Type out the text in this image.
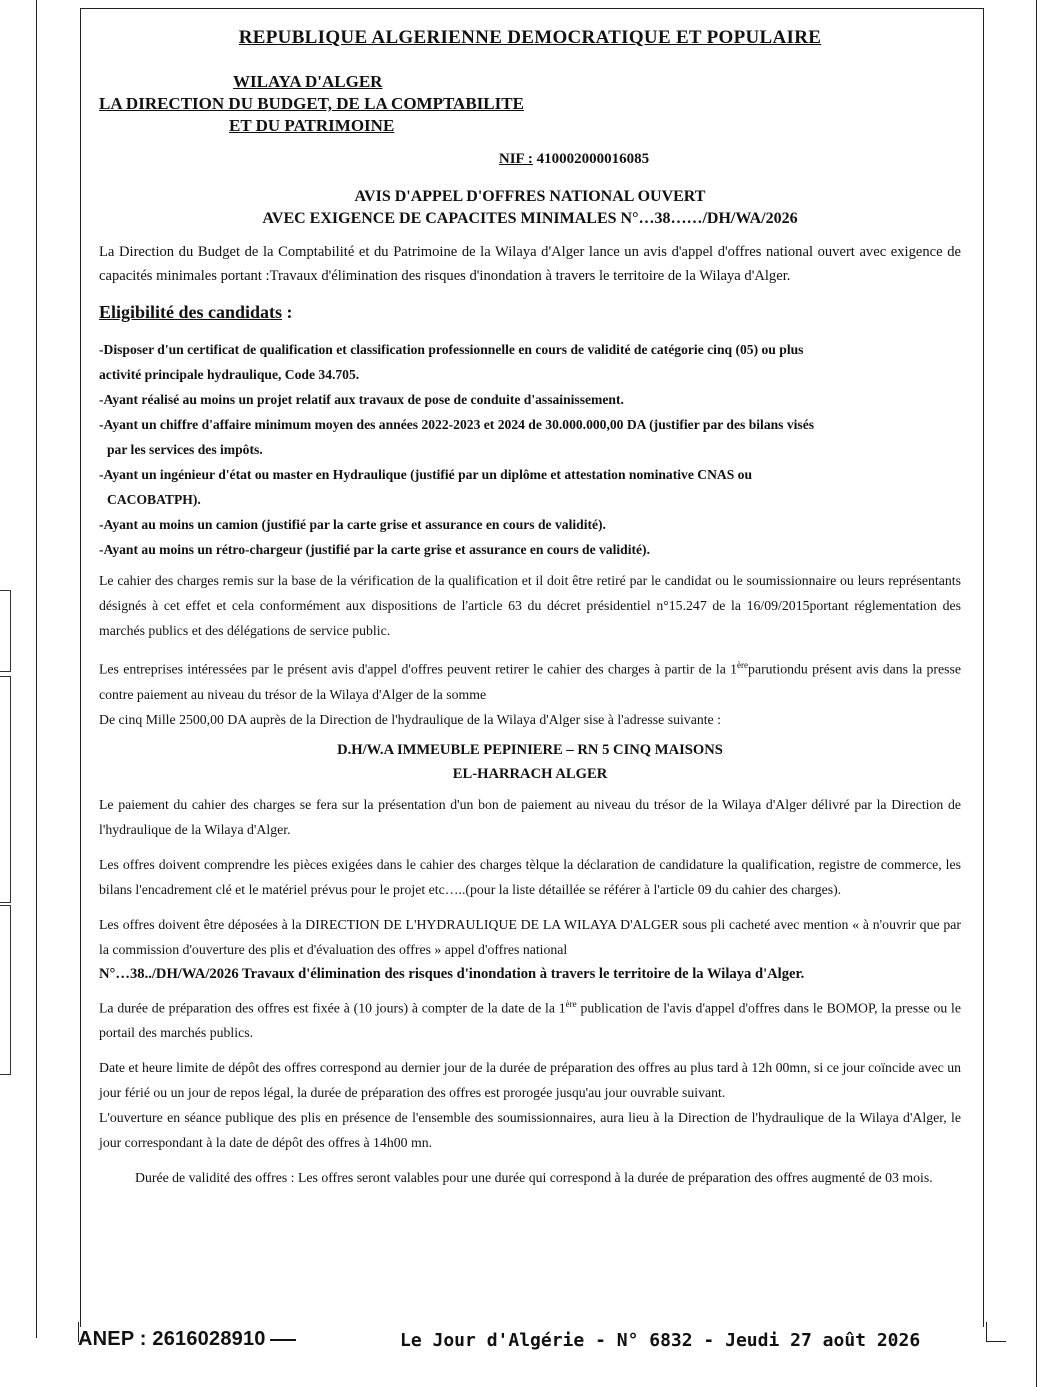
REPUBLIQUE ALGERIENNE DEMOCRATIQUE ET POPULAIRE
WILAYA D'ALGER
LA DIRECTION DU BUDGET, DE LA COMPTABILITE
ET DU PATRIMOINE
NIF : 410002000016085
AVIS D'APPEL D'OFFRES NATIONAL OUVERT
AVEC EXIGENCE DE CAPACITES MINIMALES N°…38……/DH/WA/2026

La Direction du Budget de la Comptabilité et du Patrimoine de la Wilaya d'Alger lance un avis d'appel d'offres national ouvert avec exigence de capacités minimales portant :Travaux d'élimination des risques d'inondation à travers le territoire de la Wilaya d'Alger.

Eligibilité des candidats :
-Disposer d'un certificat de qualification et classification professionnelle en cours de validité de catégorie cinq (05) ou plus
activité principale hydraulique, Code 34.705.
-Ayant réalisé au moins un projet relatif aux travaux de pose de conduite d'assainissement.
-Ayant un chiffre d'affaire minimum moyen des années 2022-2023 et 2024 de 30.000.000,00 DA (justifier par des bilans visés
par les services des impôts.
-Ayant un ingénieur d'état ou master en Hydraulique (justifié par un diplôme et attestation nominative CNAS ou
CACOBATPH).
-Ayant au moins un camion (justifié par la carte grise et assurance en cours de validité).
-Ayant au moins un rétro-chargeur (justifié par la carte grise et assurance en cours de validité).

Le cahier des charges remis sur la base de la vérification de la qualification et il doit être retiré par le candidat ou le soumissionnaire ou leurs représentants désignés à cet effet et cela conformément aux dispositions de l'article 63 du décret présidentiel n°15.247 de la 16/09/2015portant réglementation des marchés publics et des délégations de service public.

Les entreprises intéressées par le présent avis d'appel d'offres peuvent retirer le cahier des charges à partir de la 1èreparutiondu présent avis dans la presse contre paiement au niveau du trésor de la Wilaya d'Alger de la somme

De cinq Mille 2500,00 DA auprès de la Direction de l'hydraulique de la Wilaya d'Alger sise à l'adresse suivante :

D.H/W.A IMMEUBLE PEPINIERE – RN 5 CINQ MAISONS
EL-HARRACH ALGER

Le paiement du cahier des charges se fera sur la présentation d'un bon de paiement au niveau du trésor de la Wilaya d'Alger délivré par la Direction de l'hydraulique de la Wilaya d'Alger.

Les offres doivent comprendre les pièces exigées dans le cahier des charges tèlque la déclaration de candidature la qualification, registre de commerce, les bilans l'encadrement clé et le matériel prévus pour le projet etc…..(pour la liste détaillée se référer à l'article 09 du cahier des charges).

Les offres doivent être déposées à la DIRECTION DE L'HYDRAULIQUE DE LA WILAYA D'ALGER sous pli cacheté avec mention « à n'ouvrir que par la commission d'ouverture des plis et d'évaluation des offres » appel d'offres national

N°…38../DH/WA/2026 Travaux d'élimination des risques d'inondation à travers le territoire de la Wilaya d'Alger.

La durée de préparation des offres est fixée à (10 jours) à compter de la date de la 1ère publication de l'avis d'appel d'offres dans le BOMOP, la presse ou le portail des marchés publics.

Date et heure limite de dépôt des offres correspond au dernier jour de la durée de préparation des offres au plus tard à 12h 00mn, si ce jour coïncide avec un jour férié ou un jour de repos légal, la durée de préparation des offres est prorogée jusqu'au jour ouvrable suivant.

L'ouverture en séance publique des plis en présence de l'ensemble des soumissionnaires, aura lieu à la Direction de l'hydraulique de la Wilaya d'Alger, le jour correspondant à la date de dépôt des offres à 14h00 mn.

Durée de validité des offres : Les offres seront valables pour une durée qui correspond à la durée de préparation des offres augmenté de 03 mois.

ANEP : 2616028910	Le Jour d'Algérie - N° 6832 - Jeudi 27 août 2026
